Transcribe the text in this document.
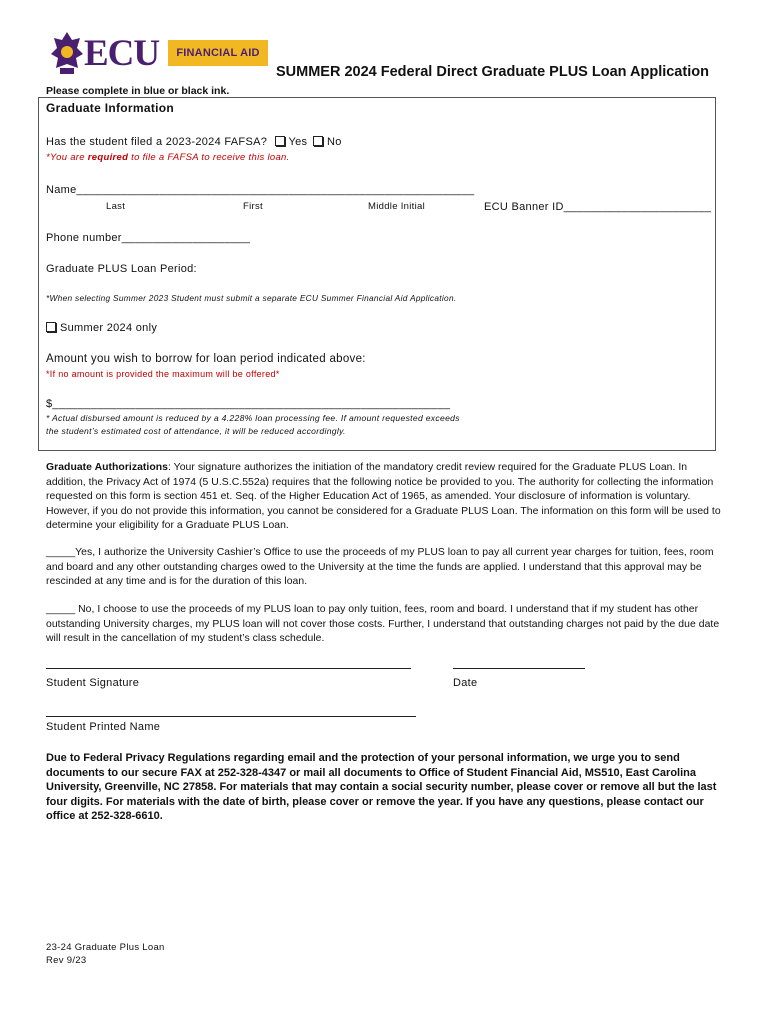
ECU	FINANCIAL AID
SUMMER 2024 Federal Direct Graduate PLUS Loan Application
Please complete in blue or black ink.
Graduate Information
Has the student filed a 2023-2024 FAFSA? Yes	No
*You are required to file a FAFSA to receive this loan.
Name______________________________________________________________
Last	First	Middle Initial	ECU Banner ID_______________________
Phone number____________________
Graduate PLUS Loan Period:
*When selecting Summer 2023 Student must submit a separate ECU Summer Financial Aid Application.
Summer 2024 only
Amount you wish to borrow for loan period indicated above:
*If no amount is provided the maximum will be offered*
$______________________________________________________________
* Actual disbursed amount is reduced by a 4.228% loan processing fee. If amount requested exceeds
the student’s estimated cost of attendance, it will be reduced accordingly.
Graduate Authorizations: Your signature authorizes the initiation of the mandatory credit review required for the Graduate PLUS Loan. In addition, the Privacy Act of 1974 (5 U.S.C.552a) requires that the following notice be provided to you. The authority for collecting the information requested on this form is section 451 et. Seq. of the Higher Education Act of 1965, as amended. Your disclosure of information is voluntary. However, if you do not provide this information, you cannot be considered for a Graduate PLUS Loan. The information on this form will be used to determine your eligibility for a Graduate PLUS Loan.
_____Yes, I authorize the University Cashier’s Office to use the proceeds of my PLUS loan to pay all current year charges for tuition, fees, room and board and any other outstanding charges owed to the University at the time the funds are applied. I understand that this approval may be rescinded at any time and is for the duration of this loan.
_____ No, I choose to use the proceeds of my PLUS loan to pay only tuition, fees, room and board. I understand that if my student has other outstanding University charges, my PLUS loan will not cover those costs. Further, I understand that outstanding charges not paid by the due date will result in the cancellation of my student’s class schedule.
Student Signature	Date
Student Printed Name
Due to Federal Privacy Regulations regarding email and the protection of your personal information, we urge you to send documents to our secure FAX at 252-328-4347 or mail all documents to Office of Student Financial Aid, MS510, East Carolina University, Greenville, NC 27858. For materials that may contain a social security number, please cover or remove all but the last four digits. For materials with the date of birth, please cover or remove the year. If you have any questions, please contact our office at 252-328-6610.
23-24 Graduate Plus Loan
Rev 9/23
